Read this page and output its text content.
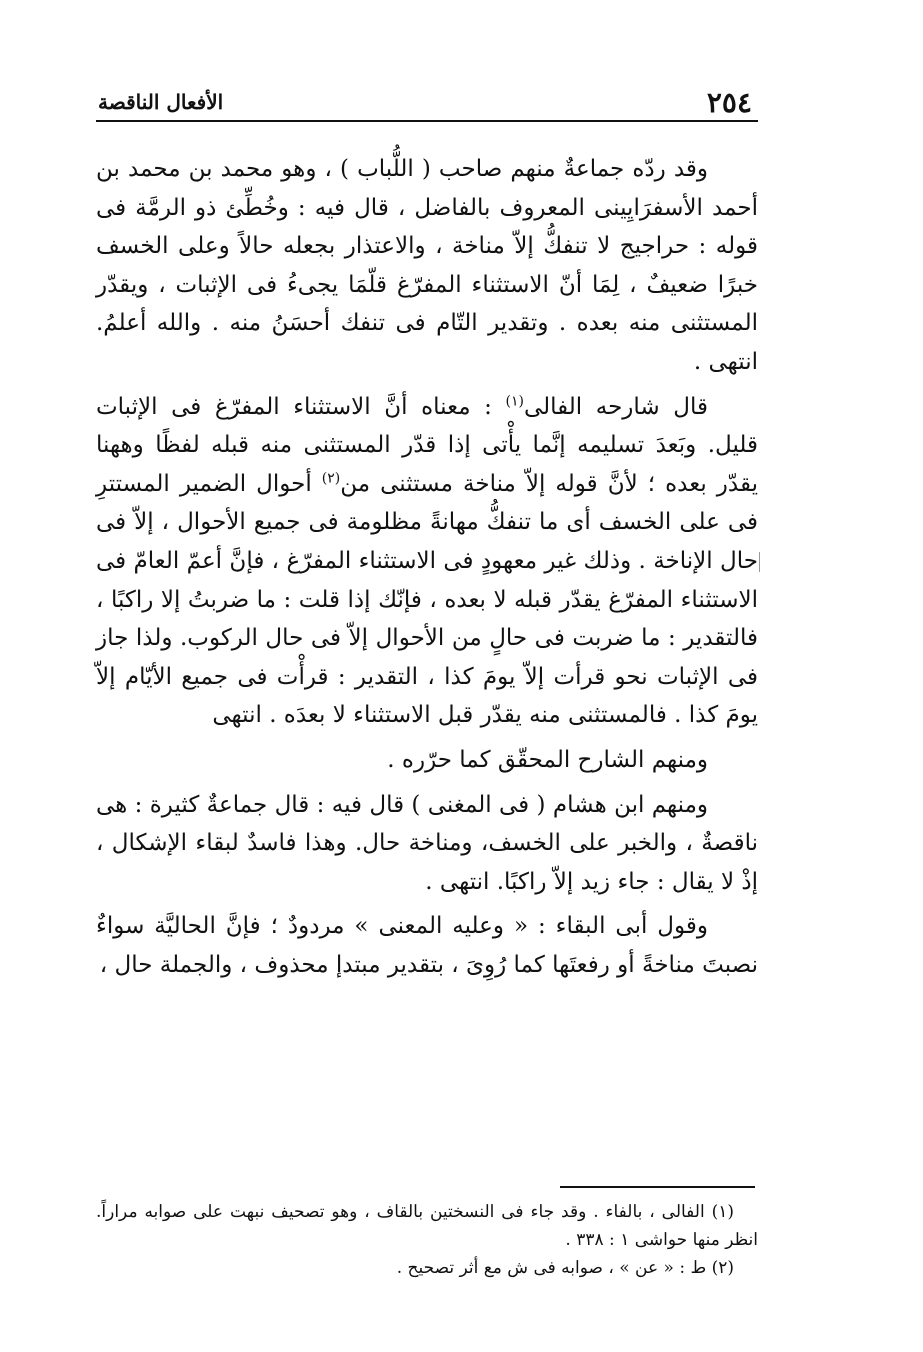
٢٥٤
الأفعال الناقصة

وقد ردّه جماعةٌ منهم صاحب ( اللُّباب ) ، وهو محمد بن محمد بن أحمد الأسفرَايِينى المعروف بالفاضل ، قال فيه : وخُطِّئ ذو الرمَّة فى قوله : حراجيج لا تنفكُّ إلاّ مناخة ، والاعتذار بجعله حالاً وعلى الخسف خبرًا ضعيفٌ ، لِمَا أنّ الاستثناء المفرّغ قلّمَا يجىءُ فى الإثبات ، ويقدّر المستثنى منه بعده . وتقدير التّام فى تنفك أحسَنُ منه . والله أعلمُ. انتهى .

قال شارحه الفالى$^{(١)}$ : معناه أنَّ الاستثناء المفرّغ فى الإثبات قليل. وبَعدَ تسليمه إنَّما يأْتى إذا قدّر المستثنى منه قبله لفظًا وههنا يقدّر بعده ؛ لأنَّ قوله إلاّ مناخة مستثنى من$^{(٢)}$ أحوال الضمير المستترِ فى على الخسف أى ما تنفكُّ مهانةً مظلومة فى جميع الأحوال ، إلاّ فى حال الإناخة . وذلك غير معهودٍ فى الاستثناء المفرّغ ، فإنَّ أعمّ العامّ فى الاستثناء المفرّغ يقدّر قبله لا بعده ، فإنّك إذا قلت : ما ضربتُ إلا راكبًا ، فالتقدير : ما ضربت فى حالٍ من الأحوال إلاّ فى حال الركوب. ولذا جاز فى الإثبات نحو قرأت إلاّ يومَ كذا ، التقدير : قرأْت فى جميع الأيّام إلاّ يومَ كذا . فالمستثنى منه يقدّر قبل الاستثناء لا بعدَه . انتهى

ومنهم الشارح المحقّق كما حرّره .

ومنهم ابن هشام ( فى المغنى ) قال فيه : قال جماعةٌ كثيرة : هى ناقصةٌ ، والخبر على الخسف، ومناخة حال. وهذا فاسدٌ لبقاء الإشكال ، إذْ لا يقال : جاء زيد إلاّ راكبًا. انتهى .

وقول أبى البقاء : « وعليه المعنى » مردودٌ ؛ فإنَّ الحاليَّة سواءٌ نصبتَ مناخةً أو رفعتَها كما رُوِىَ ، بتقدير مبتدإ محذوف ، والجملة حال ،

(١) الفالى ، بالفاء . وقد جاء فى النسختين بالقاف ، وهو تصحيف نبهت على صوابه مراراً. انظر منها حواشى ١ : ٣٣٨ .

(٢) ط : « عن » ، صوابه فى ش مع أثر تصحيح .
